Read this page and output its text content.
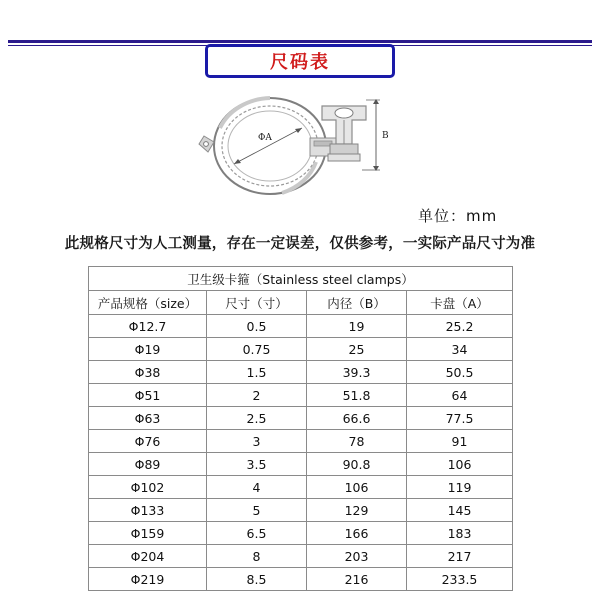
尺码表
B
ΦA
单位：mm
此规格尺寸为人工测量，存在一定误差，仅供参考，一实际产品尺寸为准
卫生级卡箍（Stainless steel clamps）			
产品规格（size）	尺寸（寸）	内径（B）	卡盘（A）
Φ12.7	0.5	19	25.2
Φ19	0.75	25	34
Φ38	1.5	39.3	50.5
Φ51	2	51.8	64
Φ63	2.5	66.6	77.5
Φ76	3	78	91
Φ89	3.5	90.8	106
Φ102	4	106	119
Φ133	5	129	145
Φ159	6.5	166	183
Φ204	8	203	217
Φ219	8.5	216	233.5
